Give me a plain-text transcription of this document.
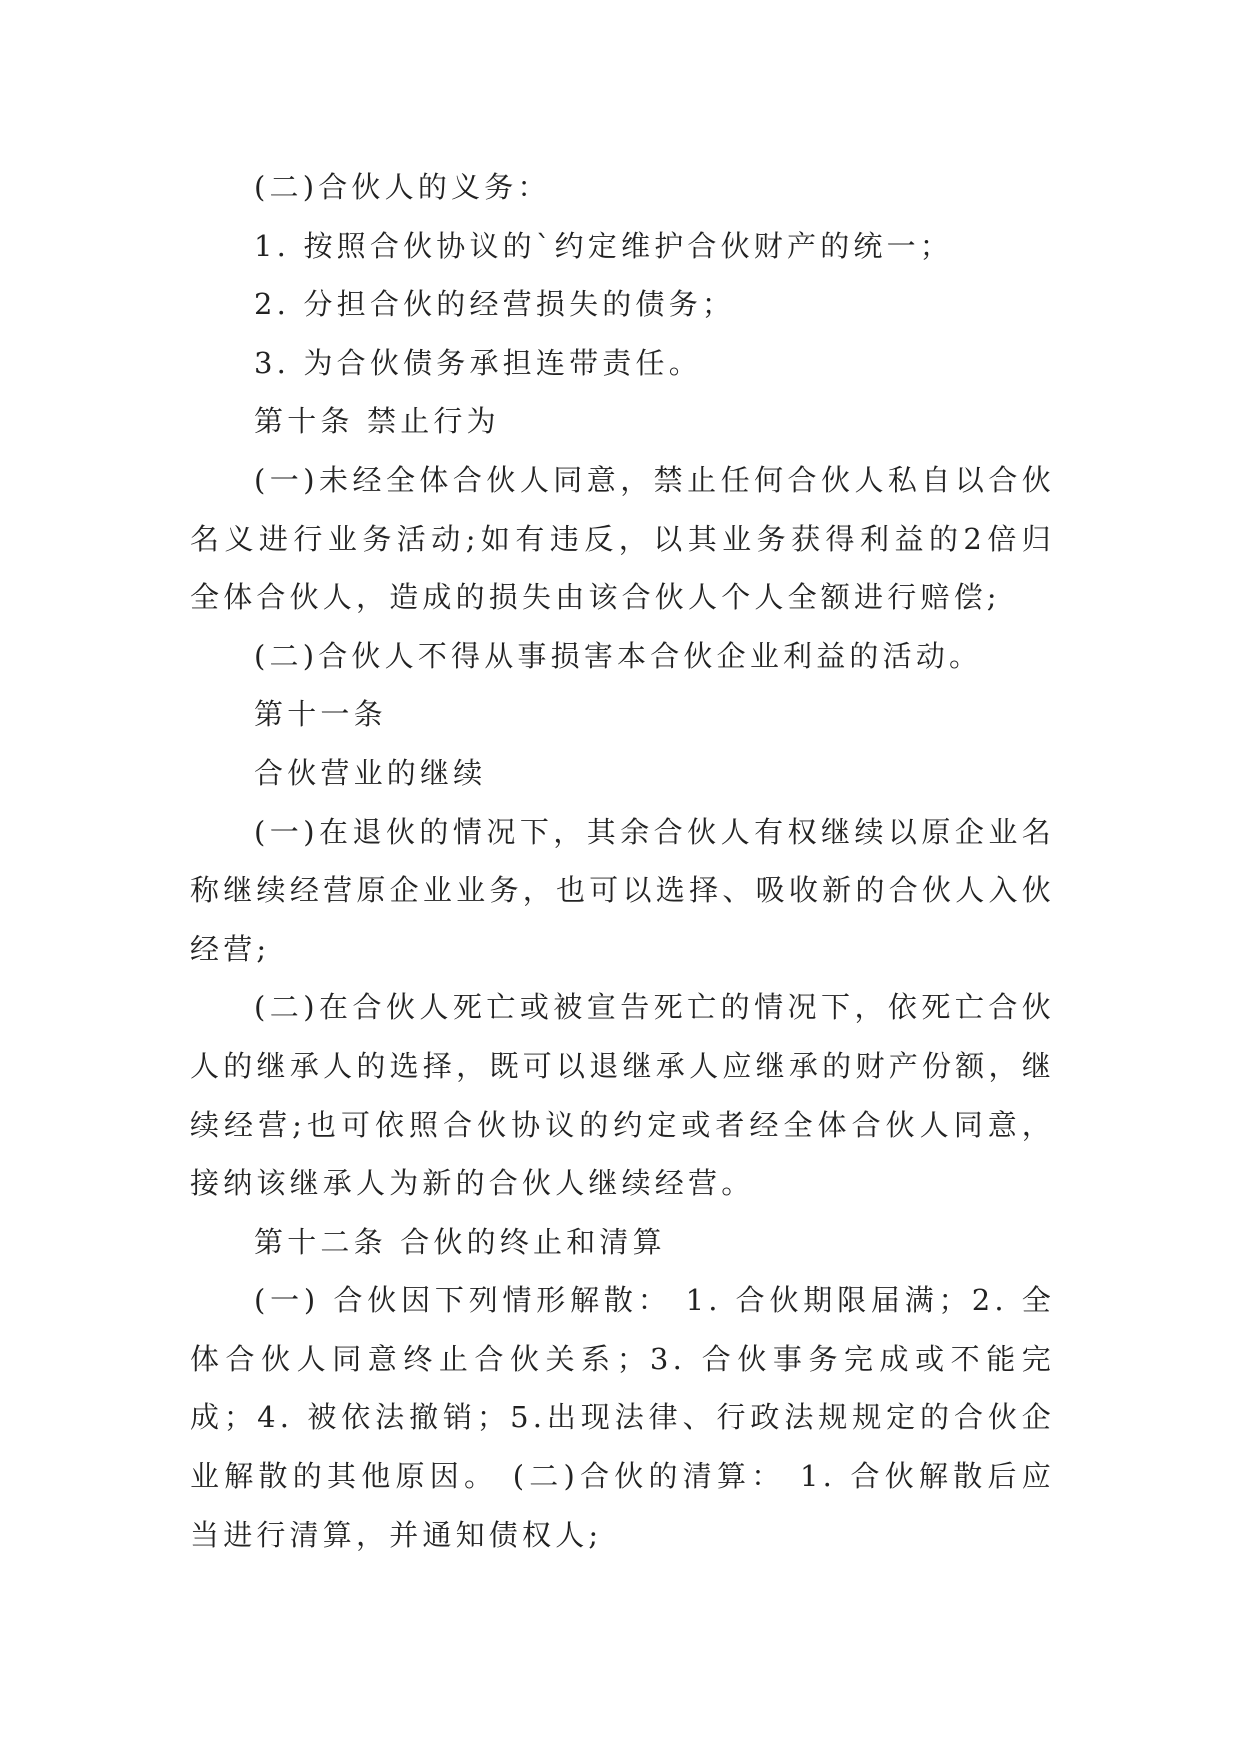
(二)合伙人的义务：

1. 按照合伙协议的`约定维护合伙财产的统一；

2. 分担合伙的经营损失的债务；

3. 为合伙债务承担连带责任。

第十条 禁止行为

(一)未经全体合伙人同意，禁止任何合伙人私自以合伙名义进行业务活动;如有违反，以其业务获得利益的2倍归全体合伙人，造成的损失由该合伙人个人全额进行赔偿;

(二)合伙人不得从事损害本合伙企业利益的活动。

第十一条

合伙营业的继续

(一)在退伙的情况下，其余合伙人有权继续以原企业名称继续经营原企业业务，也可以选择、吸收新的合伙人入伙经营;

(二)在合伙人死亡或被宣告死亡的情况下，依死亡合伙人的继承人的选择，既可以退继承人应继承的财产份额，继续经营;也可依照合伙协议的约定或者经全体合伙人同意，接纳该继承人为新的合伙人继续经营。

第十二条 合伙的终止和清算

(一) 合伙因下列情形解散： 1. 合伙期限届满；2. 全体合伙人同意终止合伙关系；3. 合伙事务完成或不能完成；4. 被依法撤销；5.出现法律、行政法规规定的合伙企业解散的其他原因。 (二)合伙的清算： 1. 合伙解散后应当进行清算，并通知债权人;
